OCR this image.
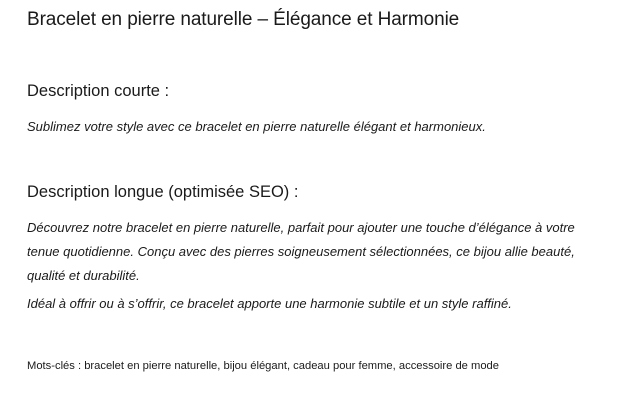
Bracelet en pierre naturelle – Élégance et Harmonie
Description courte :

Sublimez votre style avec ce bracelet en pierre naturelle élégant et harmonieux.

Description longue (optimisée SEO) :

Découvrez notre bracelet en pierre naturelle, parfait pour ajouter une touche d’élégance à votre tenue quotidienne. Conçu avec des pierres soigneusement sélectionnées, ce bijou allie beauté, qualité et durabilité.

Idéal à offrir ou à s’offrir, ce bracelet apporte une harmonie subtile et un style raffiné.

Mots-clés : bracelet en pierre naturelle, bijou élégant, cadeau pour femme, accessoire de mode
